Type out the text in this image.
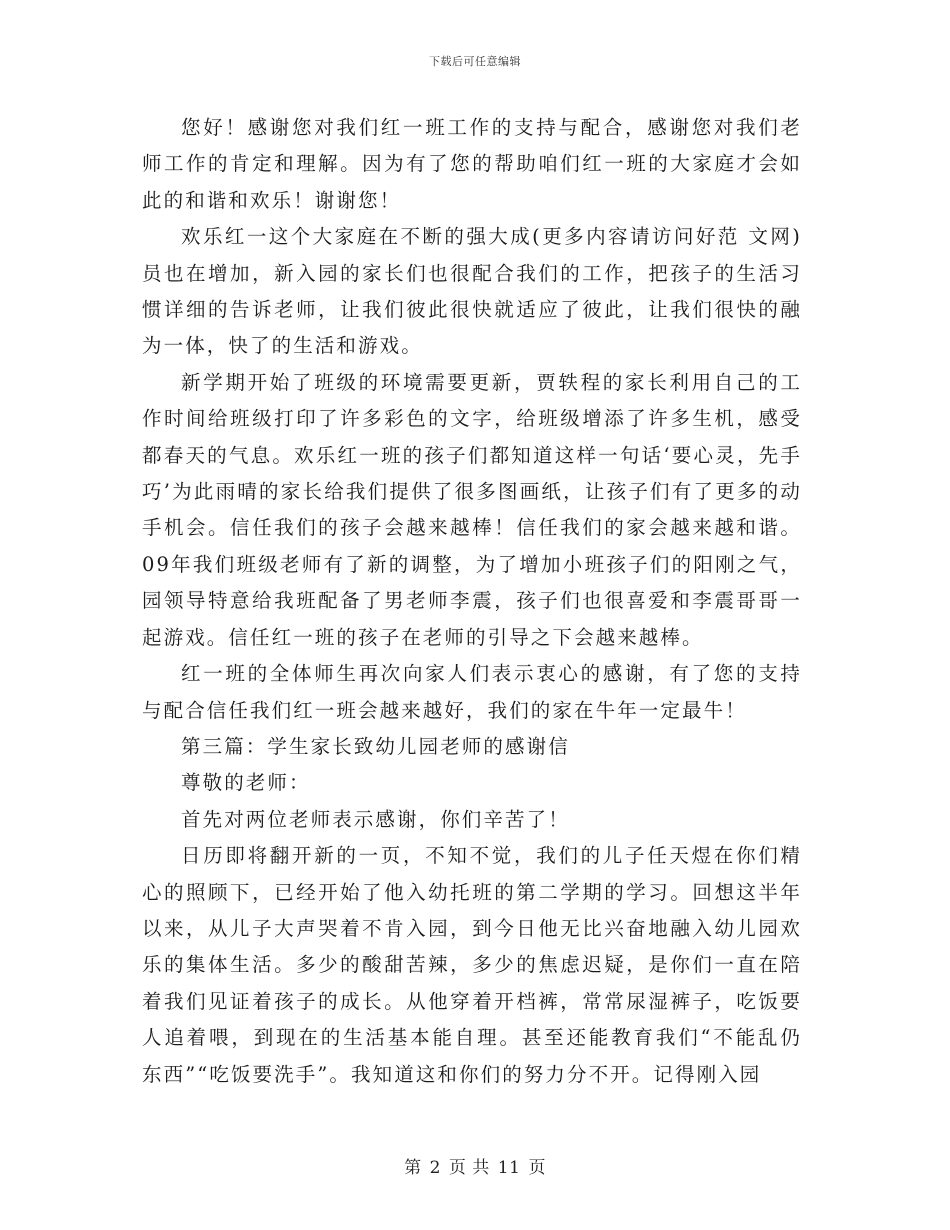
下载后可任意编辑

您好！感谢您对我们红一班工作的支持与配合，感谢您对我们老师工作的肯定和理解。因为有了您的帮助咱们红一班的大家庭才会如此的和谐和欢乐！谢谢您！

欢乐红一这个大家庭在不断的强大成(更多内容请访问好范 文网)员也在增加，新入园的家长们也很配合我们的工作，把孩子的生活习惯详细的告诉老师，让我们彼此很快就适应了彼此，让我们很快的融为一体，快了的生活和游戏。

新学期开始了班级的环境需要更新，贾轶程的家长利用自己的工作时间给班级打印了许多彩色的文字，给班级增添了许多生机，感受都春天的气息。欢乐红一班的孩子们都知道这样一句话‘要心灵，先手巧’为此雨晴的家长给我们提供了很多图画纸，让孩子们有了更多的动手机会。信任我们的孩子会越来越棒！信任我们的家会越来越和谐。09年我们班级老师有了新的调整，为了增加小班孩子们的阳刚之气，园领导特意给我班配备了男老师李震，孩子们也很喜爱和李震哥哥一起游戏。信任红一班的孩子在老师的引导之下会越来越棒。

红一班的全体师生再次向家人们表示衷心的感谢，有了您的支持与配合信任我们红一班会越来越好，我们的家在牛年一定最牛！

第三篇：学生家长致幼儿园老师的感谢信

尊敬的老师：

首先对两位老师表示感谢，你们辛苦了！

日历即将翻开新的一页，不知不觉，我们的儿子任天煜在你们精心的照顾下，已经开始了他入幼托班的第二学期的学习。回想这半年以来，从儿子大声哭着不肯入园，到今日他无比兴奋地融入幼儿园欢乐的集体生活。多少的酸甜苦辣，多少的焦虑迟疑，是你们一直在陪着我们见证着孩子的成长。从他穿着开档裤，常常尿湿裤子，吃饭要人追着喂，到现在的生活基本能自理。甚至还能教育我们“不能乱仍东西”“吃饭要洗手”。我知道这和你们的努力分不开。记得刚入园

第 2 页 共 11 页
